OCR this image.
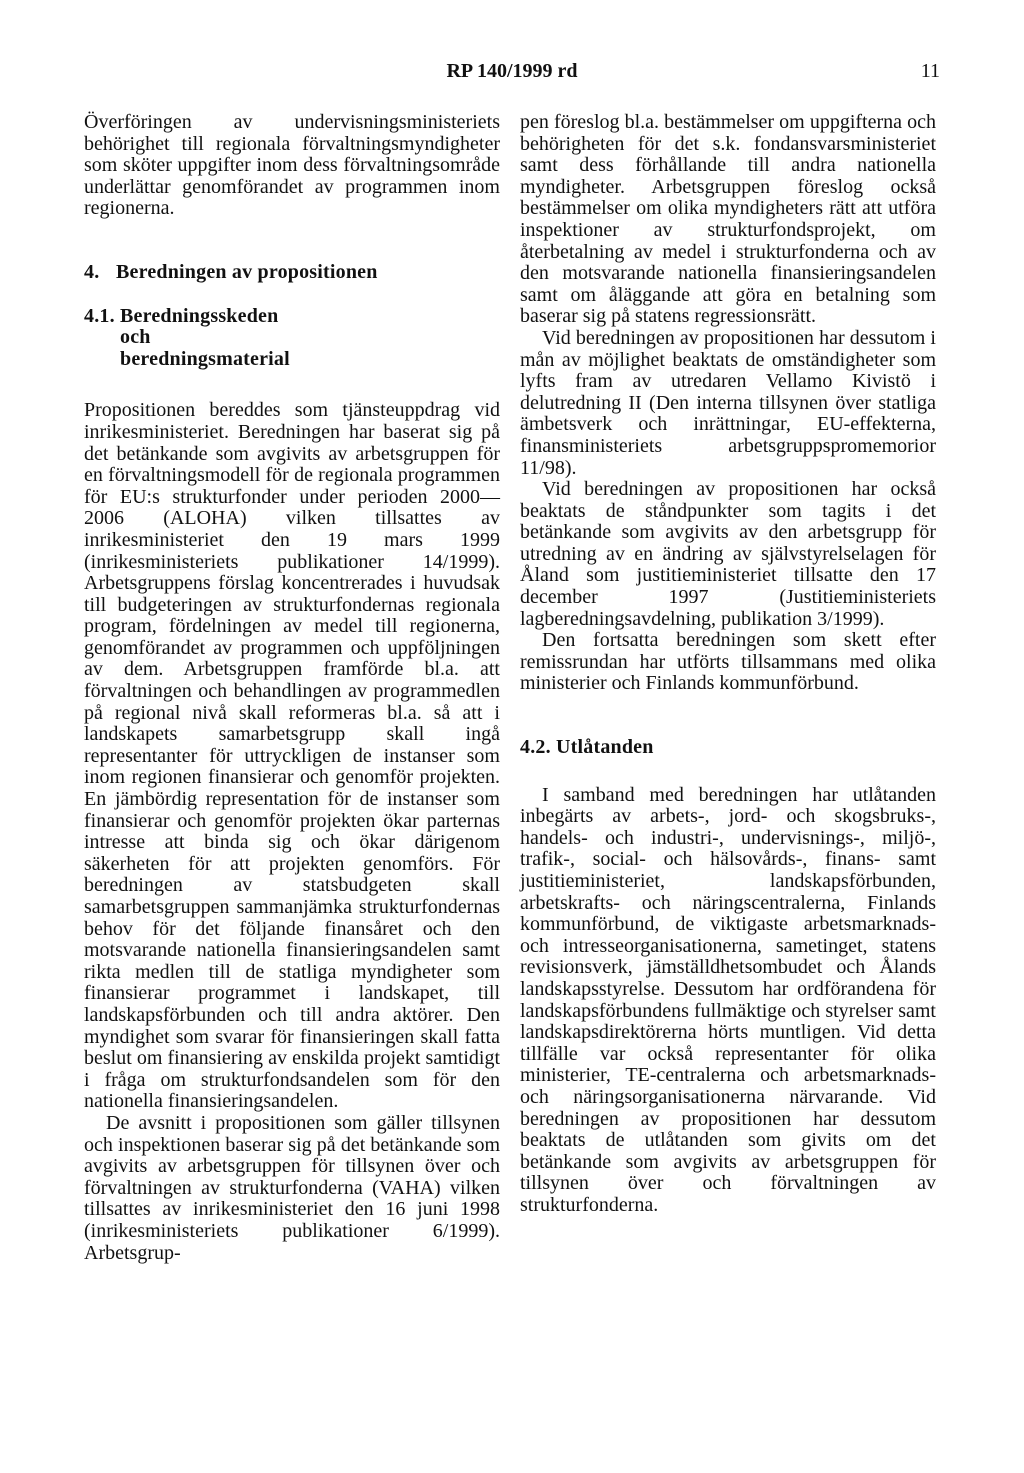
RP 140/1999 rd	11

Överföringen av undervisningsministeriets behörighet till regionala förvaltningsmyndigheter som sköter uppgifter inom dess förvaltningsområde underlättar genomförandet av programmen inom regionerna.

4. Beredningen av propositionen
4.1. Beredningsskeden och beredningsmaterial

Propositionen bereddes som tjänsteuppdrag vid inrikesministeriet. Beredningen har baserat sig på det betänkande som avgivits av arbetsgruppen för en förvaltningsmodell för de regionala programmen för EU:s strukturfonder under perioden 2000—2006 (ALOHA) vilken tillsattes av inrikesministeriet den 19 mars 1999 (inrikesministeriets publikationer 14/1999). Arbetsgruppens förslag koncentrerades i huvudsak till budgeteringen av strukturfondernas regionala program, fördelningen av medel till regionerna, genomförandet av programmen och uppföljningen av dem. Arbetsgruppen framförde bl.a. att förvaltningen och behandlingen av programmedlen på regional nivå skall reformeras bl.a. så att i landskapets samarbetsgrupp skall ingå representanter för uttryckligen de instanser som inom regionen finansierar och genomför projekten. En jämbördig representation för de instanser som finansierar och genomför projekten ökar parternas intresse att binda sig och ökar därigenom säkerheten för att projekten genomförs. För beredningen av statsbudgeten skall samarbetsgruppen sammanjämka strukturfondernas behov för det följande finansåret och den motsvarande nationella finansieringsandelen samt rikta medlen till de statliga myndigheter som finansierar programmet i landskapet, till landskapsförbunden och till andra aktörer. Den myndighet som svarar för finansieringen skall fatta beslut om finansiering av enskilda projekt samtidigt i fråga om strukturfondsandelen som för den nationella finansieringsandelen.

De avsnitt i propositionen som gäller tillsynen och inspektionen baserar sig på det betänkande som avgivits av arbetsgruppen för tillsynen över och förvaltningen av strukturfonderna (VAHA) vilken tillsattes av inrikesministeriet den 16 juni 1998 (inrikesministeriets publikationer 6/1999). Arbetsgrup-

pen föreslog bl.a. bestämmelser om uppgifterna och behörigheten för det s.k. fondansvarsministeriet samt dess förhållande till andra nationella myndigheter. Arbetsgruppen föreslog också bestämmelser om olika myndigheters rätt att utföra inspektioner av strukturfondsprojekt, om återbetalning av medel i strukturfonderna och av den motsvarande nationella finansieringsandelen samt om åläggande att göra en betalning som baserar sig på statens regressionsrätt.

Vid beredningen av propositionen har dessutom i mån av möjlighet beaktats de omständigheter som lyfts fram av utredaren Vellamo Kivistö i delutredning II (Den interna tillsynen över statliga ämbetsverk och inrättningar, EU-effekterna, finansministeriets arbetsgruppspromemorior 11/98).

Vid beredningen av propositionen har också beaktats de ståndpunkter som tagits i det betänkande som avgivits av den arbetsgrupp för utredning av en ändring av självstyrelselagen för Åland som justitieministeriet tillsatte den 17 december 1997 (Justitieministeriets lagberedningsavdelning, publikation 3/1999).

Den fortsatta beredningen som skett efter remissrundan har utförts tillsammans med olika ministerier och Finlands kommunförbund.

4.2. Utlåtanden

I samband med beredningen har utlåtanden inbegärts av arbets-, jord- och skogsbruks-, handels- och industri-, undervisnings-, miljö-, trafik-, social- och hälsovårds-, finans- samt justitieministeriet, landskapsförbunden, arbetskrafts- och näringscentralerna, Finlands kommunförbund, de viktigaste arbetsmarknads- och intresseorganisationerna, sametinget, statens revisionsverk, jämställdhetsombudet och Ålands landskapsstyrelse. Dessutom har ordförandena för landskapsförbundens fullmäktige och styrelser samt landskapsdirektörerna hörts muntligen. Vid detta tillfälle var också representanter för olika ministerier, TE-centralerna och arbetsmarknads- och näringsorganisationerna närvarande. Vid beredningen av propositionen har dessutom beaktats de utlåtanden som givits om det betänkande som avgivits av arbetsgruppen för tillsynen över och förvaltningen av strukturfonderna.
